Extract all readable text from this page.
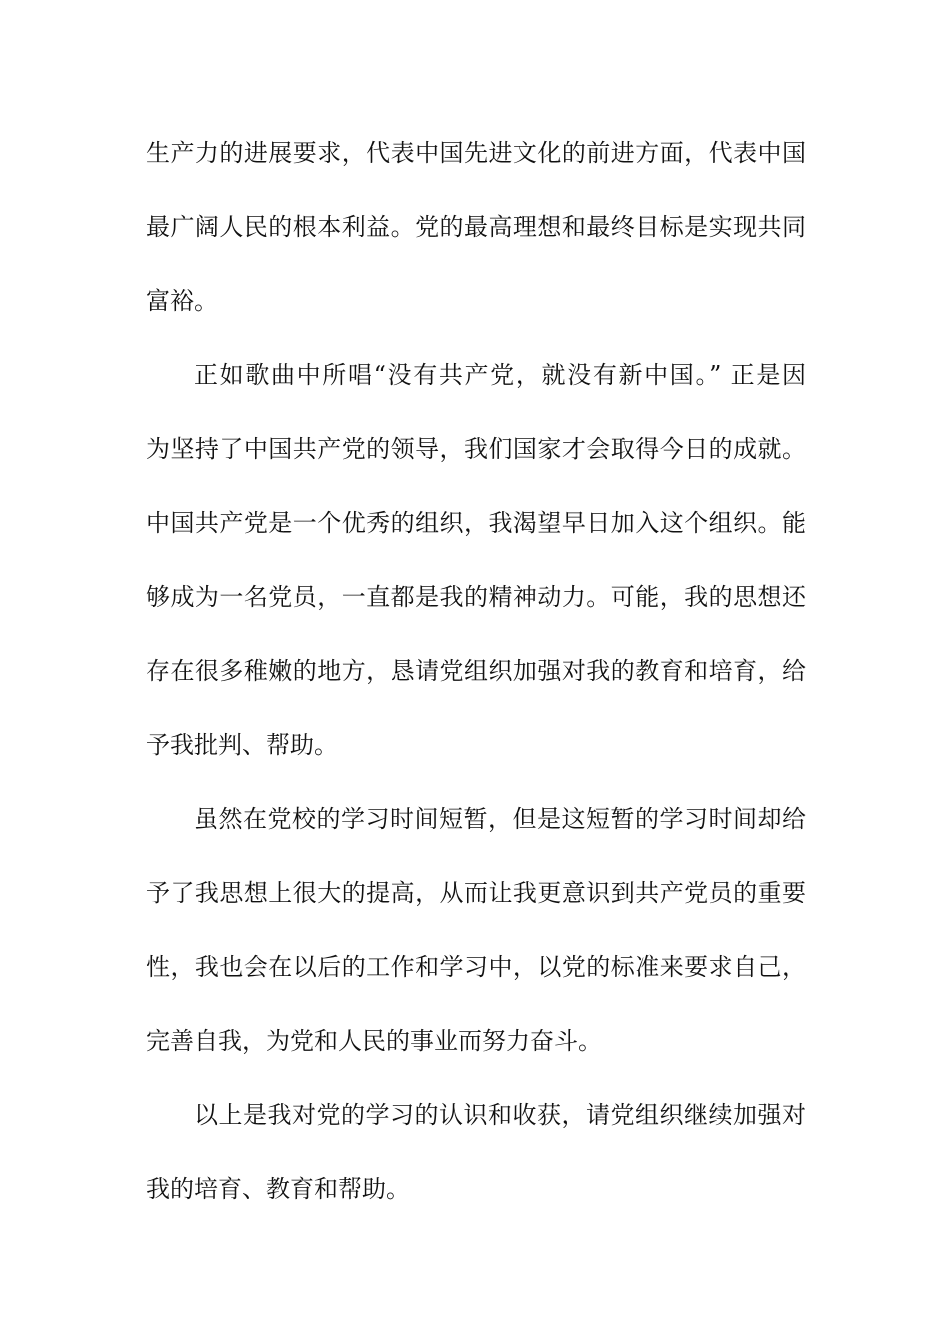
生产力的进展要求，代表中国先进文化的前进方面，代表中国
最广阔人民的根本利益。党的最高理想和最终目标是实现共同
富裕。
正如歌曲中所唱“没有共产党，就没有新中国。” 正是因
为坚持了中国共产党的领导，我们国家才会取得今日的成就。
中国共产党是一个优秀的组织，我渴望早日加入这个组织。能
够成为一名党员，一直都是我的精神动力。可能，我的思想还
存在很多稚嫩的地方，恳请党组织加强对我的教育和培育，给
予我批判、帮助。
虽然在党校的学习时间短暂，但是这短暂的学习时间却给
予了我思想上很大的提高，从而让我更意识到共产党员的重要
性，我也会在以后的工作和学习中，以党的标准来要求自己，
完善自我，为党和人民的事业而努力奋斗。
以上是我对党的学习的认识和收获，请党组织继续加强对
我的培育、教育和帮助。
